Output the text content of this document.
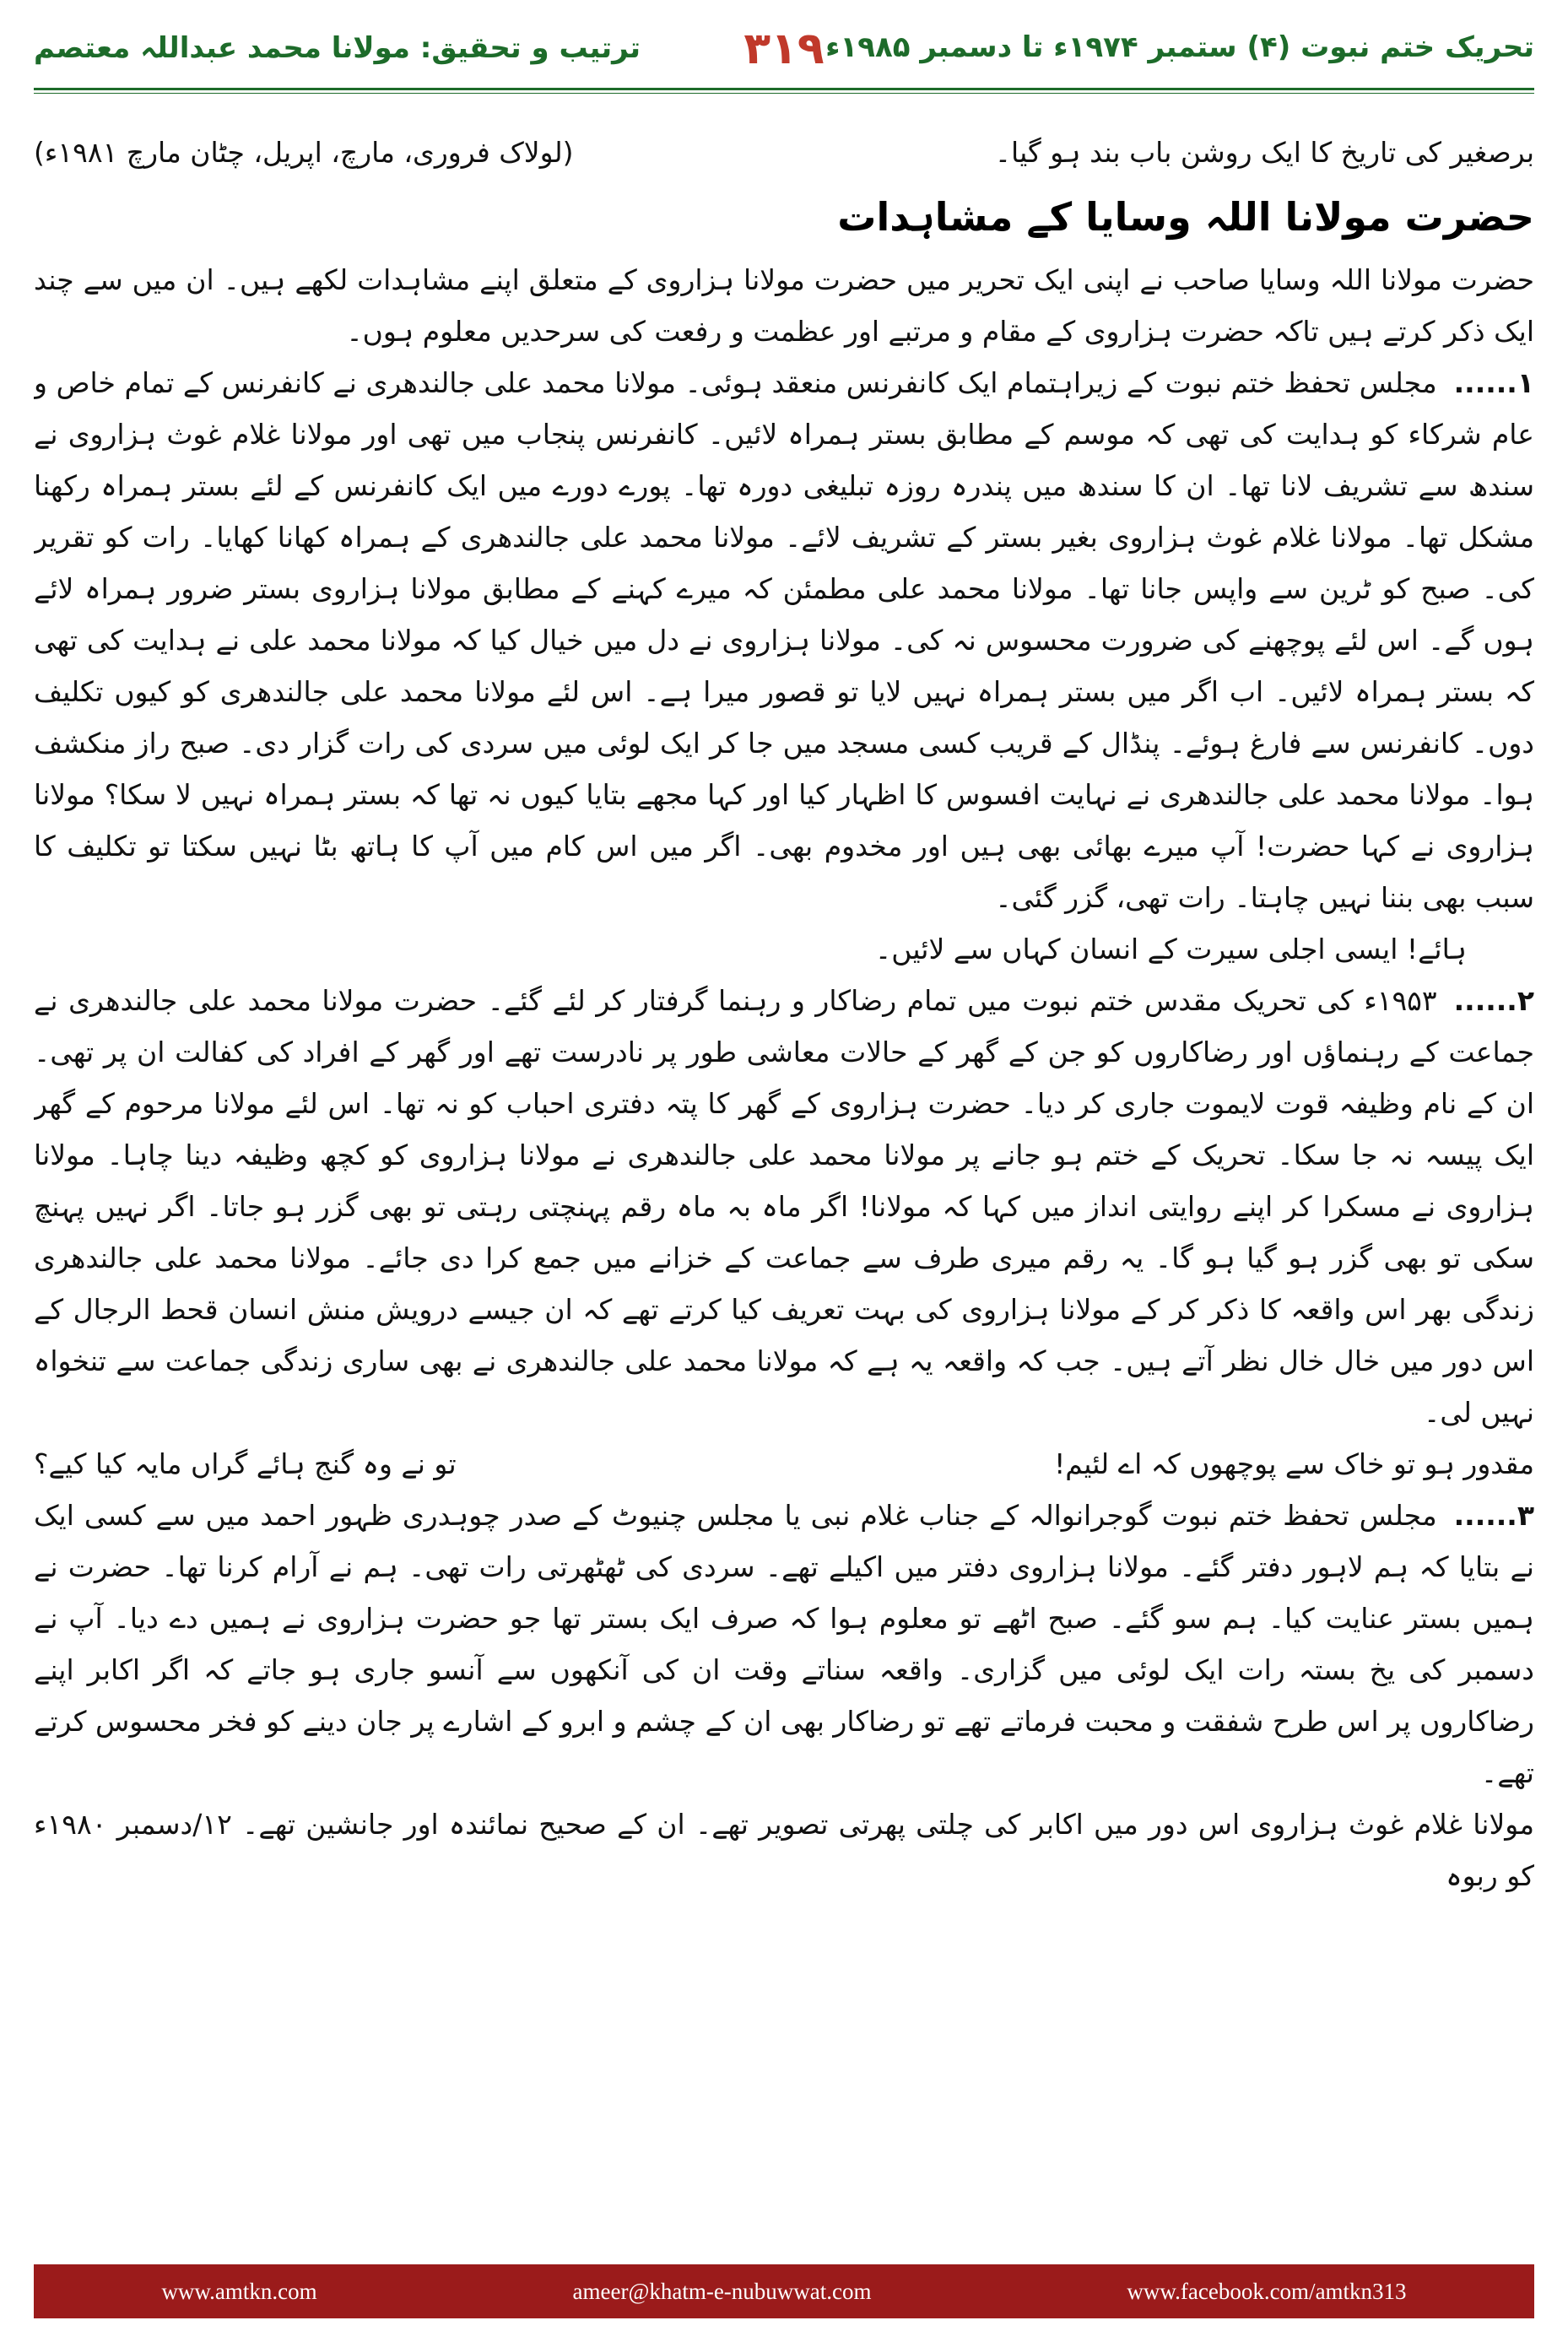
تحریک ختم نبوت (۴) ستمبر ۱۹۷۴ء تا دسمبر ۱۹۸۵ء
۳۱۹
ترتیب و تحقیق: مولانا محمد عبداللہ معتصم
برصغیر کی تاریخ کا ایک روشن باب بند ہو گیا۔
(لولاک فروری، مارچ، اپریل، چٹان مارچ ۱۹۸۱ء)
حضرت مولانا اللہ وسایا کے مشاہدات

حضرت مولانا اللہ وسایا صاحب نے اپنی ایک تحریر میں حضرت مولانا ہزاروی کے متعلق اپنے مشاہدات لکھے ہیں۔ ان میں سے چند ایک ذکر کرتے ہیں تاکہ حضرت ہزاروی کے مقام و مرتبے اور عظمت و رفعت کی سرحدیں معلوم ہوں۔

۱......مجلس تحفظ ختم نبوت کے زیراہتمام ایک کانفرنس منعقد ہوئی۔ مولانا محمد علی جالندھری نے کانفرنس کے تمام خاص و عام شرکاء کو ہدایت کی تھی کہ موسم کے مطابق بستر ہمراہ لائیں۔ کانفرنس پنجاب میں تھی اور مولانا غلام غوث ہزاروی نے سندھ سے تشریف لانا تھا۔ ان کا سندھ میں پندرہ روزہ تبلیغی دورہ تھا۔ پورے دورے میں ایک کانفرنس کے لئے بستر ہمراہ رکھنا مشکل تھا۔ مولانا غلام غوث ہزاروی بغیر بستر کے تشریف لائے۔ مولانا محمد علی جالندھری کے ہمراہ کھانا کھایا۔ رات کو تقریر کی۔ صبح کو ٹرین سے واپس جانا تھا۔ مولانا محمد علی مطمئن کہ میرے کہنے کے مطابق مولانا ہزاروی بستر ضرور ہمراہ لائے ہوں گے۔ اس لئے پوچھنے کی ضرورت محسوس نہ کی۔ مولانا ہزاروی نے دل میں خیال کیا کہ مولانا محمد علی نے ہدایت کی تھی کہ بستر ہمراہ لائیں۔ اب اگر میں بستر ہمراہ نہیں لایا تو قصور میرا ہے۔ اس لئے مولانا محمد علی جالندھری کو کیوں تکلیف دوں۔ کانفرنس سے فارغ ہوئے۔ پنڈال کے قریب کسی مسجد میں جا کر ایک لوئی میں سردی کی رات گزار دی۔ صبح راز منکشف ہوا۔ مولانا محمد علی جالندھری نے نہایت افسوس کا اظہار کیا اور کہا مجھے بتایا کیوں نہ تھا کہ بستر ہمراہ نہیں لا سکا؟ مولانا ہزاروی نے کہا حضرت! آپ میرے بھائی بھی ہیں اور مخدوم بھی۔ اگر میں اس کام میں آپ کا ہاتھ بٹا نہیں سکتا تو تکلیف کا سبب بھی بننا نہیں چاہتا۔ رات تھی، گزر گئی۔

ہائے! ایسی اجلی سیرت کے انسان کہاں سے لائیں۔

۲......۱۹۵۳ء کی تحریک مقدس ختم نبوت میں تمام رضاکار و رہنما گرفتار کر لئے گئے۔ حضرت مولانا محمد علی جالندھری نے جماعت کے رہنماؤں اور رضاکاروں کو جن کے گھر کے حالات معاشی طور پر نادرست تھے اور گھر کے افراد کی کفالت ان پر تھی۔ ان کے نام وظیفہ قوت لایموت جاری کر دیا۔ حضرت ہزاروی کے گھر کا پتہ دفتری احباب کو نہ تھا۔ اس لئے مولانا مرحوم کے گھر ایک پیسہ نہ جا سکا۔ تحریک کے ختم ہو جانے پر مولانا محمد علی جالندھری نے مولانا ہزاروی کو کچھ وظیفہ دینا چاہا۔ مولانا ہزاروی نے مسکرا کر اپنے روایتی انداز میں کہا کہ مولانا! اگر ماہ بہ ماہ رقم پہنچتی رہتی تو بھی گزر ہو جاتا۔ اگر نہیں پہنچ سکی تو بھی گزر ہو گیا ہو گا۔ یہ رقم میری طرف سے جماعت کے خزانے میں جمع کرا دی جائے۔ مولانا محمد علی جالندھری زندگی بھر اس واقعہ کا ذکر کر کے مولانا ہزاروی کی بہت تعریف کیا کرتے تھے کہ ان جیسے درویش منش انسان قحط الرجال کے اس دور میں خال خال نظر آتے ہیں۔ جب کہ واقعہ یہ ہے کہ مولانا محمد علی جالندھری نے بھی ساری زندگی جماعت سے تنخواہ نہیں لی۔

مقدور ہو تو خاک سے پوچھوں کہ اے لئیم!
تو نے وہ گنج ہائے گراں مایہ کیا کیے؟

۳......مجلس تحفظ ختم نبوت گوجرانوالہ کے جناب غلام نبی یا مجلس چنیوٹ کے صدر چوہدری ظہور احمد میں سے کسی ایک نے بتایا کہ ہم لاہور دفتر گئے۔ مولانا ہزاروی دفتر میں اکیلے تھے۔ سردی کی ٹھٹھرتی رات تھی۔ ہم نے آرام کرنا تھا۔ حضرت نے ہمیں بستر عنایت کیا۔ ہم سو گئے۔ صبح اٹھے تو معلوم ہوا کہ صرف ایک بستر تھا جو حضرت ہزاروی نے ہمیں دے دیا۔ آپ نے دسمبر کی یخ بستہ رات ایک لوئی میں گزاری۔ واقعہ سناتے وقت ان کی آنکھوں سے آنسو جاری ہو جاتے کہ اگر اکابر اپنے رضاکاروں پر اس طرح شفقت و محبت فرماتے تھے تو رضاکار بھی ان کے چشم و ابرو کے اشارے پر جان دینے کو فخر محسوس کرتے تھے۔

مولانا غلام غوث ہزاروی اس دور میں اکابر کی چلتی پھرتی تصویر تھے۔ ان کے صحیح نمائندہ اور جانشین تھے۔ ۱۲/دسمبر ۱۹۸۰ء کو ربوہ

www.amtkn.com	ameer@khatm-e-nubuwwat.com	www.facebook.com/amtkn313
